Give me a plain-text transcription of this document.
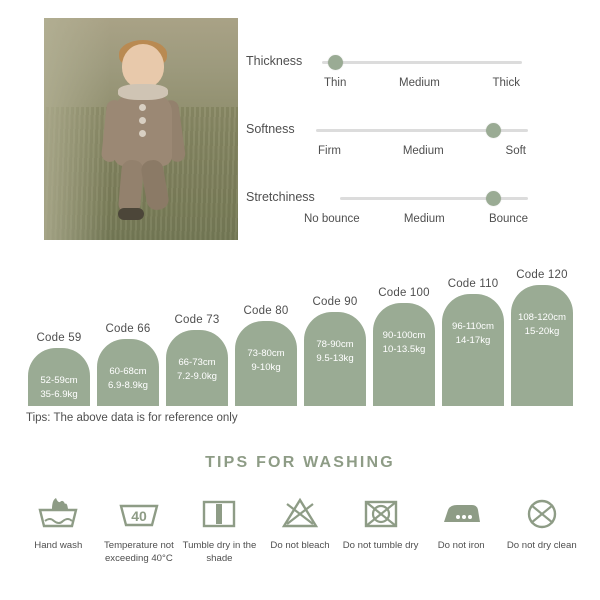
Thickness
Thin	Medium	Thick
Softness
Firm	Medium	Soft
Stretchiness
No bounce	Medium	Bounce
Code 59
52-59cm
35-6.9kg
Code 66
60-68cm
6.9-8.9kg
Code 73
66-73cm
7.2-9.0kg
Code 80
73-80cm
9-10kg
Code 90
78-90cm
9.5-13kg
Code 100
90-100cm
10-13.5kg
Code 110
96-110cm
14-17kg
Code 120
108-120cm
15-20kg
Tips: The above data is for reference only
TIPS FOR WASHING
Hand wash
40
Temperature not exceeding 40°C
Tumble dry in the shade
Do not bleach	Do not tumble dry	Do not iron	Do not dry clean
